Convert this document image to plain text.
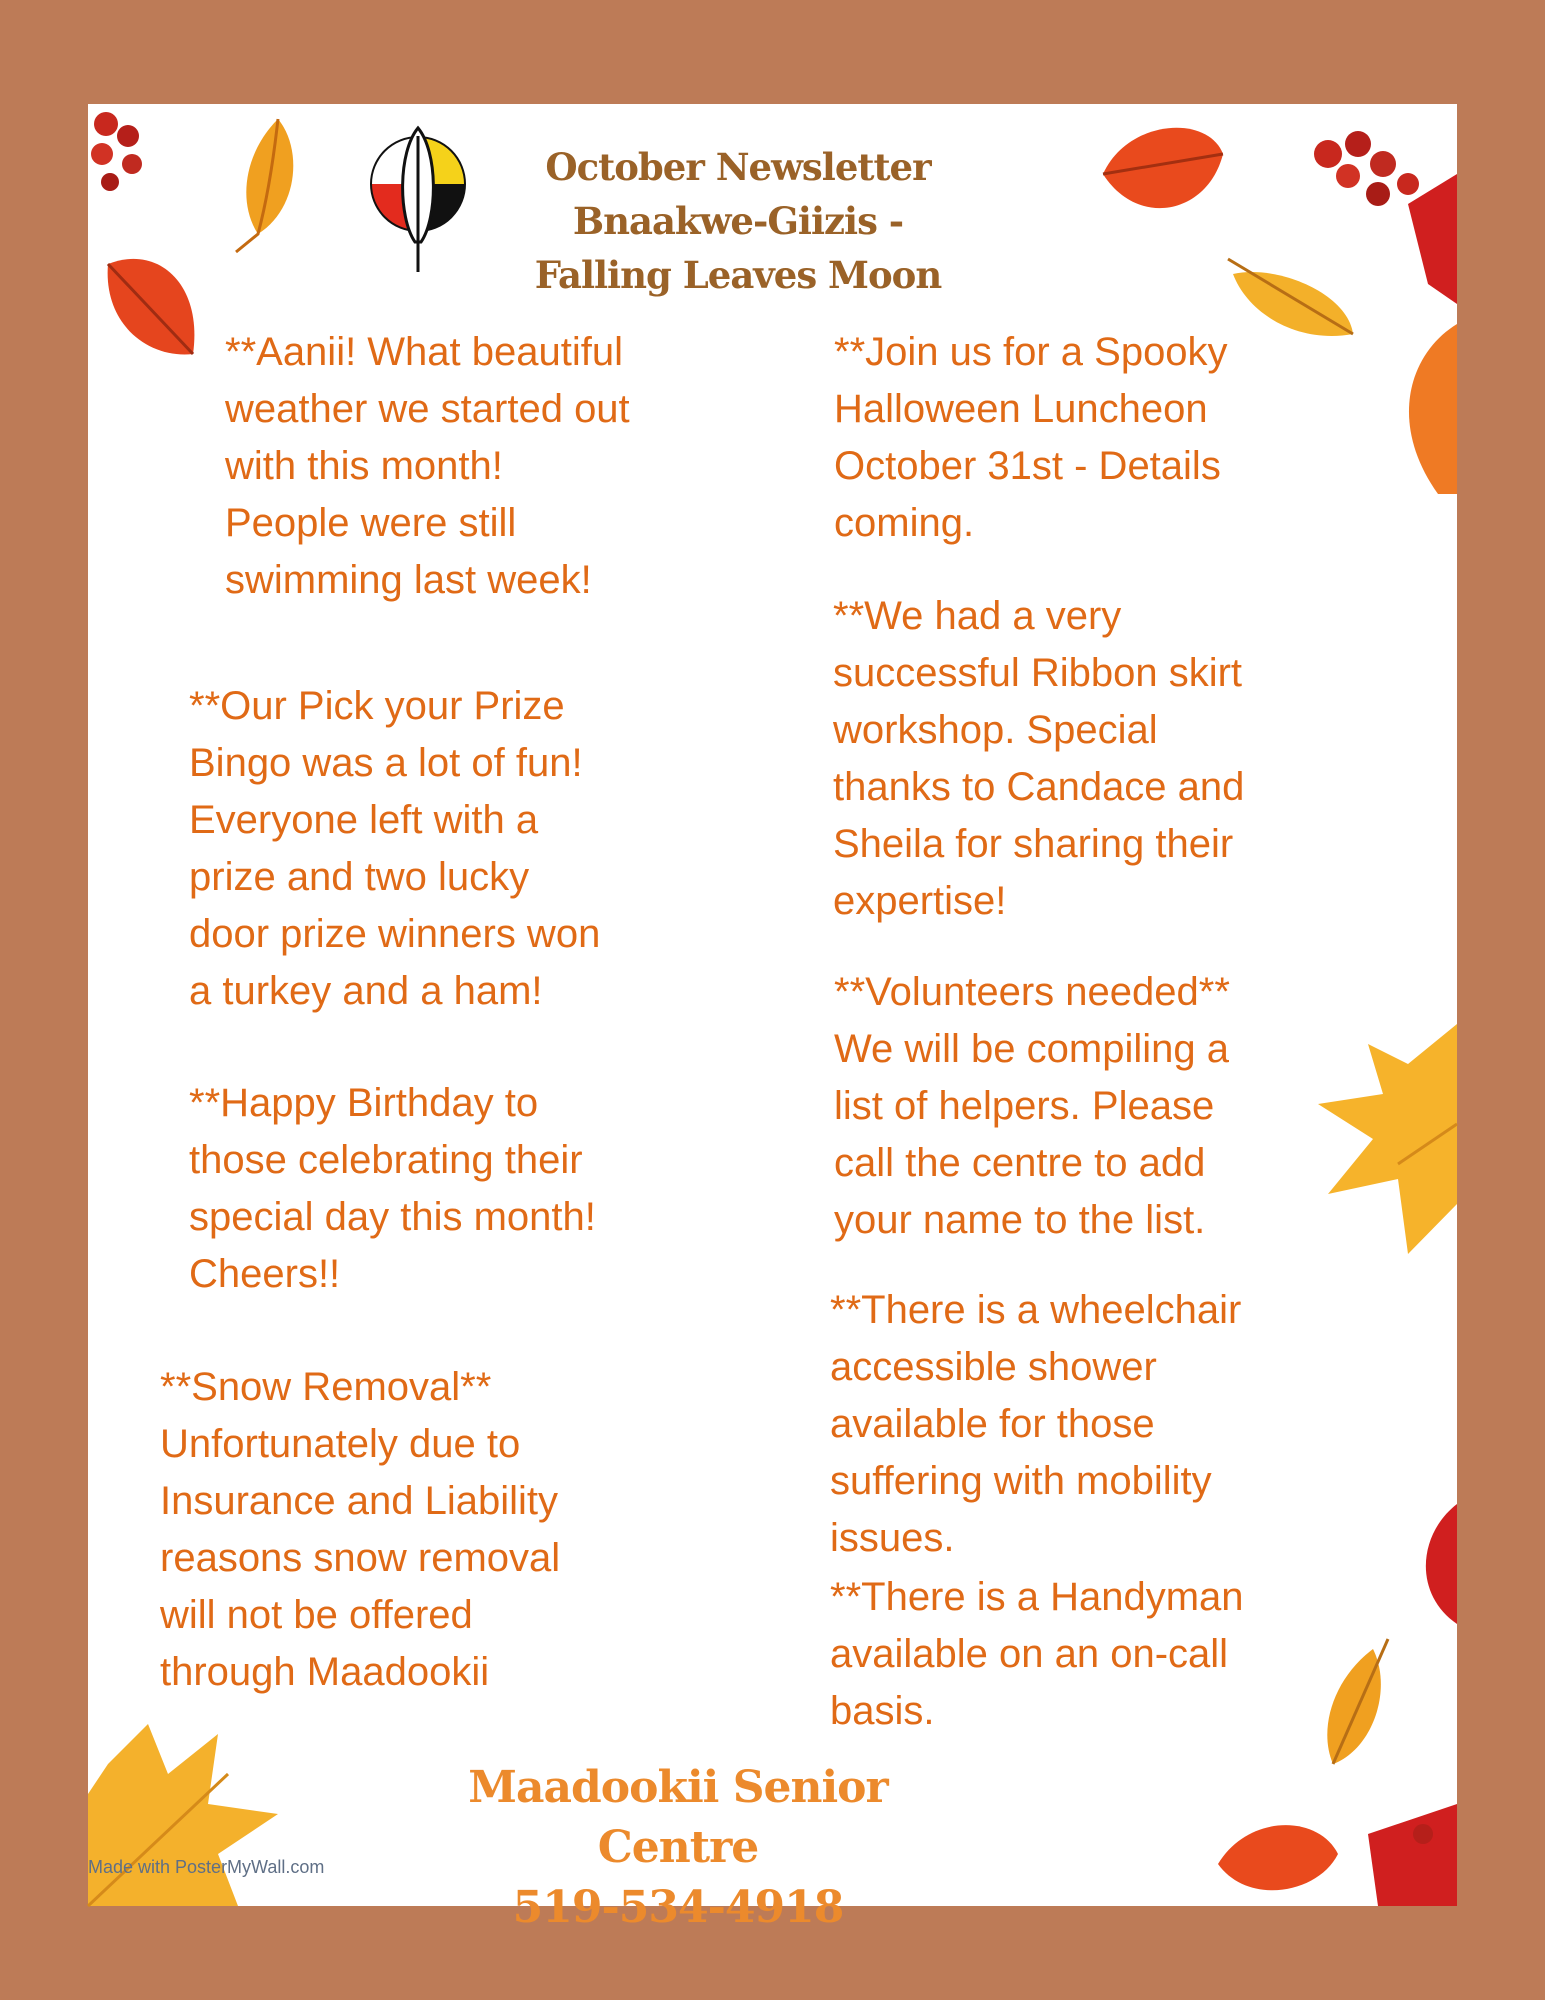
October Newsletter
Bnaakwe-Giizis -
Falling Leaves Moon
**Aanii! What beautiful
weather we started out
with this month!
People were still
swimming last week!
**Our Pick your Prize
Bingo was a lot of fun!
Everyone left with a
prize and two lucky
door prize winners won
a turkey and a ham!
**Happy Birthday to
those celebrating their
special day this month!
Cheers!!
**Snow Removal**
Unfortunately due to
Insurance and Liability
reasons snow removal
will not be offered
through Maadookii
**Join us for a Spooky
Halloween Luncheon
October 31st - Details
coming.
**We had a very
successful Ribbon skirt
workshop. Special
thanks to Candace and
Sheila for sharing their
expertise!
**Volunteers needed**
We will be compiling a
list of helpers. Please
call the centre to add
your name to the list.
**There is a wheelchair
accessible shower
available for those
suffering with mobility
issues.
**There is a Handyman
available on an on-call
basis.
Maadookii Senior Centre
519-534-4918
Made with PosterMyWall.com
